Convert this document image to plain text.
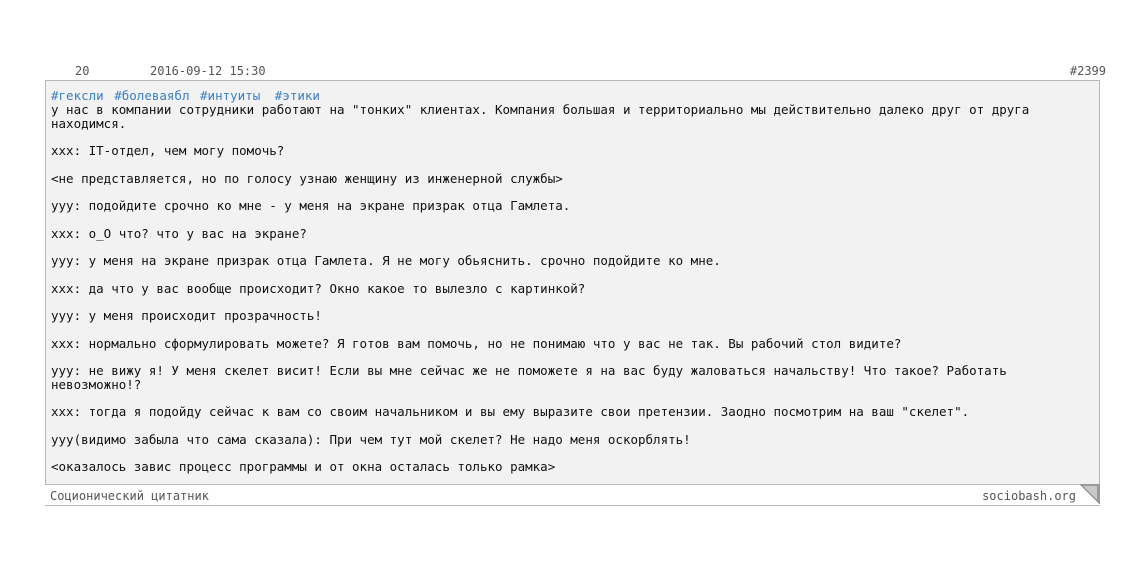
20	2016-09-12 15:30	#2399
#гексли #болеваябл #интуиты #этики

у нас в компании сотрудники работают на "тонких" клиентах. Компания большая и территориально мы действительно далеко друг от друга находимся.

xxx: IT-отдел, чем могу помочь?

<не представляется, но по голосу узнаю женщину из инженерной службы>

yyy: подойдите срочно ко мне - у меня на экране призрак отца Гамлета.

xxx: o_O что? что у вас на экране?

yyy: у меня на экране призрак отца Гамлета. Я не могу обьяснить. срочно подойдите ко мне.

xxx: да что у вас вообще происходит? Окно какое то вылезло с картинкой?

yyy: у меня происходит прозрачность!

xxx: нормально сформулировать можете? Я готов вам помочь, но не понимаю что у вас не так. Вы рабочий стол видите?

yyy: не вижу я! У меня скелет висит! Если вы мне сейчас же не поможете я на вас буду жаловаться начальству! Что такое? Работать невозможно!?

xxx: тогда я подойду сейчас к вам со своим начальником и вы ему выразите свои претензии. Заодно посмотрим на ваш "скелет".

yyy(видимо забыла что сама сказала): При чем тут мой скелет? Не надо меня оскорблять!

<оказалось завис процесс программы и от окна осталась только рамка>

Соционический цитатник	sociobash.org
